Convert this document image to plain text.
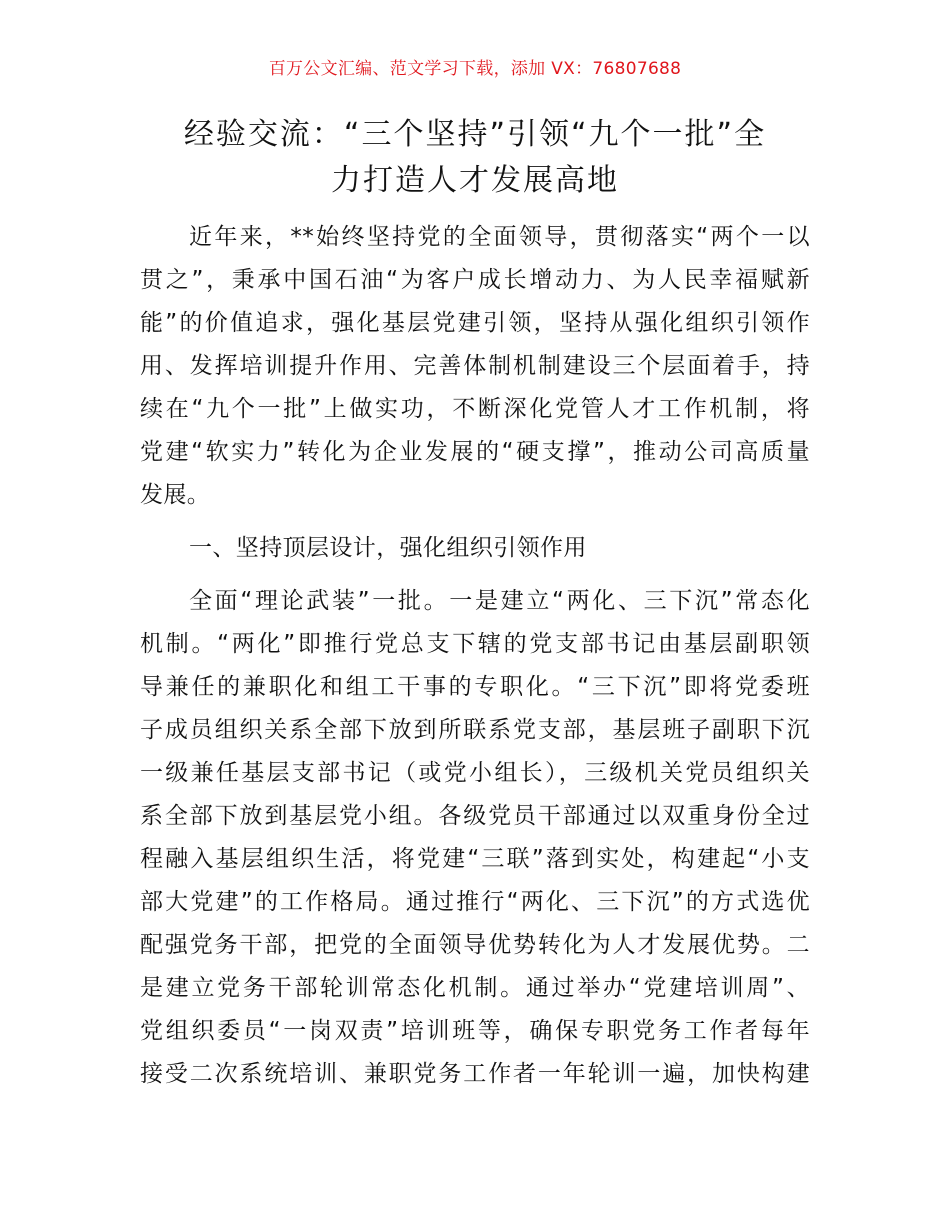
百万公文汇编、范文学习下载，添加 VX：76807688
经验交流：“三个坚持”引领“九个一批”全
力打造人才发展高地
近年来，**始终坚持党的全面领导，贯彻落实“两个一以
贯之”，秉承中国石油“为客户成长增动力、为人民幸福赋新
能”的价值追求，强化基层党建引领，坚持从强化组织引领作
用、发挥培训提升作用、完善体制机制建设三个层面着手，持
续在“九个一批”上做实功，不断深化党管人才工作机制，将
党建“软实力”转化为企业发展的“硬支撑”，推动公司高质量
发展。
一、坚持顶层设计，强化组织引领作用
全面“理论武装”一批。一是建立“两化、三下沉”常态化
机制。“两化”即推行党总支下辖的党支部书记由基层副职领
导兼任的兼职化和组工干事的专职化。“三下沉”即将党委班
子成员组织关系全部下放到所联系党支部，基层班子副职下沉
一级兼任基层支部书记（或党小组长），三级机关党员组织关
系全部下放到基层党小组。各级党员干部通过以双重身份全过
程融入基层组织生活，将党建“三联”落到实处，构建起“小支
部大党建”的工作格局。通过推行“两化、三下沉”的方式选优
配强党务干部，把党的全面领导优势转化为人才发展优势。二
是建立党务干部轮训常态化机制。通过举办“党建培训周”、
党组织委员“一岗双责”培训班等，确保专职党务工作者每年
接受二次系统培训、兼职党务工作者一年轮训一遍，加快构建
